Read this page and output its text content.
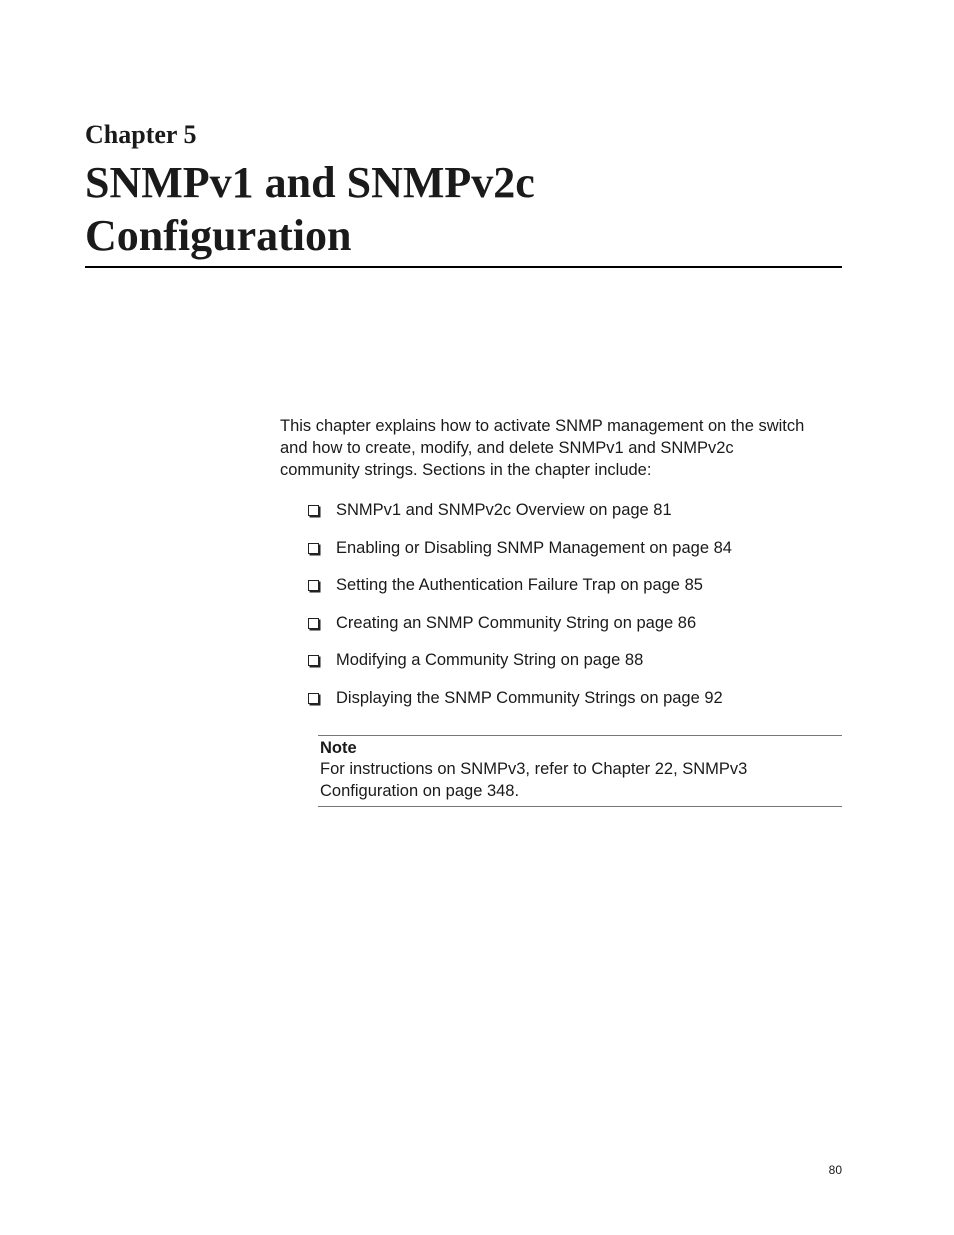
Chapter 5
SNMPv1 and SNMPv2c
Configuration

This chapter explains how to activate SNMP management on the switch
and how to create, modify, and delete SNMPv1 and SNMPv2c
community strings. Sections in the chapter include:

SNMPv1 and SNMPv2c Overview on page 81
Enabling or Disabling SNMP Management on page 84
Setting the Authentication Failure Trap on page 85
Creating an SNMP Community String on page 86
Modifying a Community String on page 88
Displaying the SNMP Community Strings on page 92

Note

For instructions on SNMPv3, refer to Chapter 22, SNMPv3
Configuration on page 348.

80
